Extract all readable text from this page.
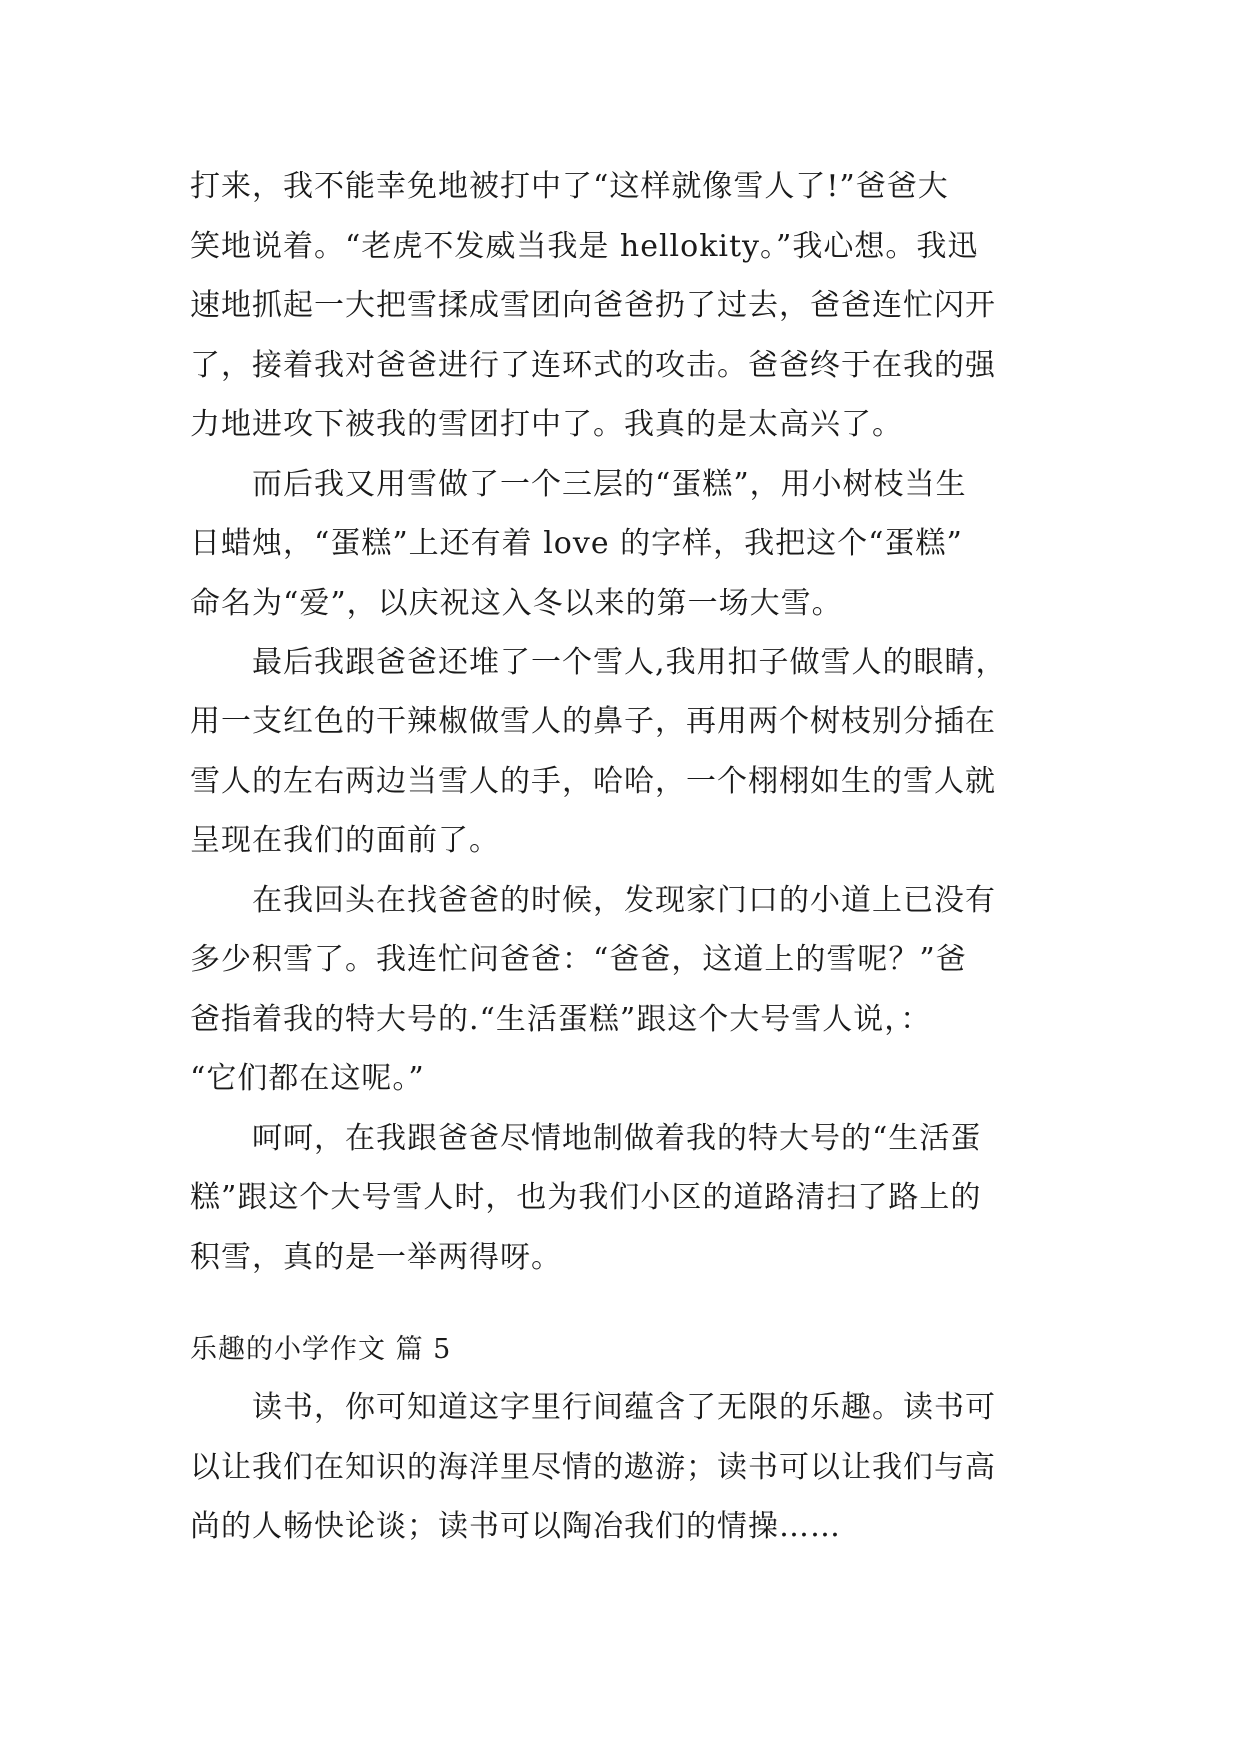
打来，我不能幸免地被打中了“这样就像雪人了!”爸爸大
笑地说着。“老虎不发威当我是 hellokity。”我心想。我迅
速地抓起一大把雪揉成雪团向爸爸扔了过去，爸爸连忙闪开
了，接着我对爸爸进行了连环式的攻击。爸爸终于在我的强
力地进攻下被我的雪团打中了。我真的是太高兴了。
　　而后我又用雪做了一个三层的“蛋糕”，用小树枝当生
日蜡烛，“蛋糕”上还有着 love 的字样，我把这个“蛋糕”
命名为“爱”，以庆祝这入冬以来的第一场大雪。
　　最后我跟爸爸还堆了一个雪人,我用扣子做雪人的眼睛，
用一支红色的干辣椒做雪人的鼻子，再用两个树枝别分插在
雪人的左右两边当雪人的手，哈哈，一个栩栩如生的雪人就
呈现在我们的面前了。
　　在我回头在找爸爸的时候，发现家门口的小道上已没有
多少积雪了。我连忙问爸爸：“爸爸，这道上的雪呢？”爸
爸指着我的特大号的.“生活蛋糕”跟这个大号雪人说，：
“它们都在这呢。”
　　呵呵，在我跟爸爸尽情地制做着我的特大号的“生活蛋
糕”跟这个大号雪人时，也为我们小区的道路清扫了路上的
积雪，真的是一举两得呀。
乐趣的小学作文 篇 5
　　读书，你可知道这字里行间蕴含了无限的乐趣。读书可
以让我们在知识的海洋里尽情的遨游；读书可以让我们与高
尚的人畅快论谈；读书可以陶冶我们的情操……
